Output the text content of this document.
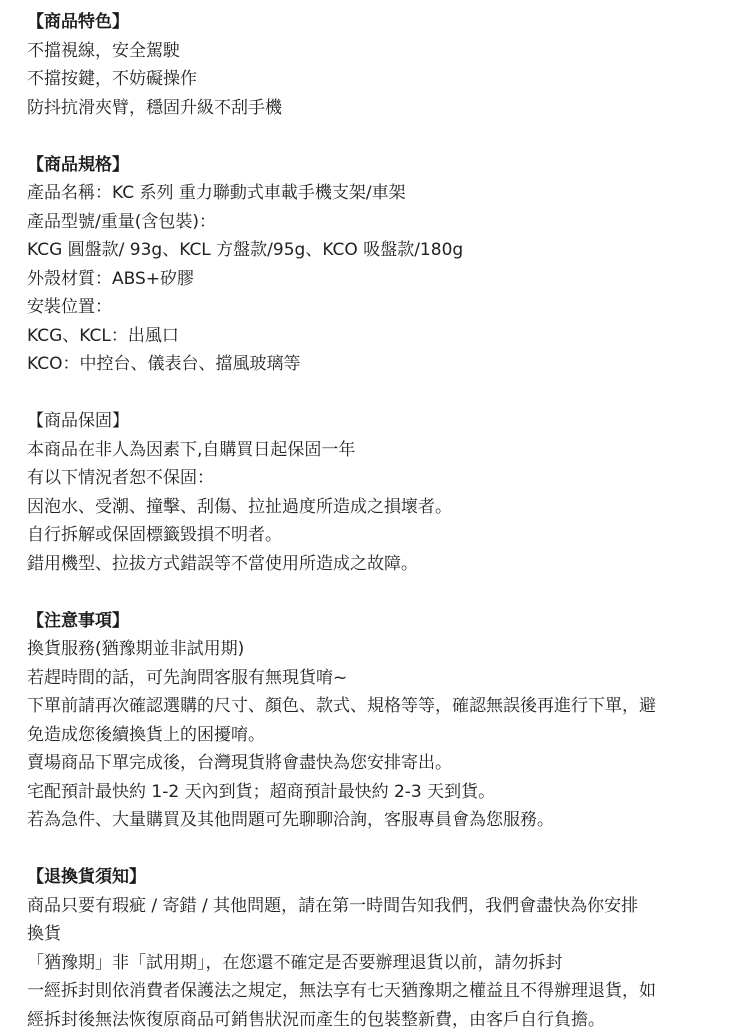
【商品特色】
不擋視線，安全駕駛
不擋按鍵，不妨礙操作
防抖抗滑夾臂，穩固升級不刮手機
【商品規格】
產品名稱：KC 系列 重力聯動式車載手機支架/車架
產品型號/重量(含包裝)：
KCG 圓盤款/ 93g、KCL 方盤款/95g、KCO 吸盤款/180g
外殼材質：ABS+矽膠
安裝位置：
KCG、KCL：出風口
KCO：中控台、儀表台、擋風玻璃等
【商品保固】
本商品在非人為因素下,自購買日起保固一年
有以下情況者恕不保固：
因泡水、受潮、撞擊、刮傷、拉扯過度所造成之損壞者。
自行拆解或保固標籤毀損不明者。
錯用機型、拉拔方式錯誤等不當使用所造成之故障。
【注意事項】
換貨服務(猶豫期並非試用期)
若趕時間的話，可先詢問客服有無現貨唷~
下單前請再次確認選購的尺寸、顏色、款式、規格等等，確認無誤後再進行下單，避
免造成您後續換貨上的困擾唷。
賣場商品下單完成後，台灣現貨將會盡快為您安排寄出。
宅配預計最快約 1-2 天內到貨；超商預計最快約 2-3 天到貨。
若為急件、大量購買及其他問題可先聊聊洽詢，客服專員會為您服務。
【退換貨須知】
商品只要有瑕疵 / 寄錯 / 其他問題，請在第一時間告知我們，我們會盡快為你安排
換貨
「猶豫期」非「試用期」，在您還不確定是否要辦理退貨以前，請勿拆封
一經拆封則依消費者保護法之規定，無法享有七天猶豫期之權益且不得辦理退貨，如
經拆封後無法恢復原商品可銷售狀況而產生的包裝整新費，由客戶自行負擔。
